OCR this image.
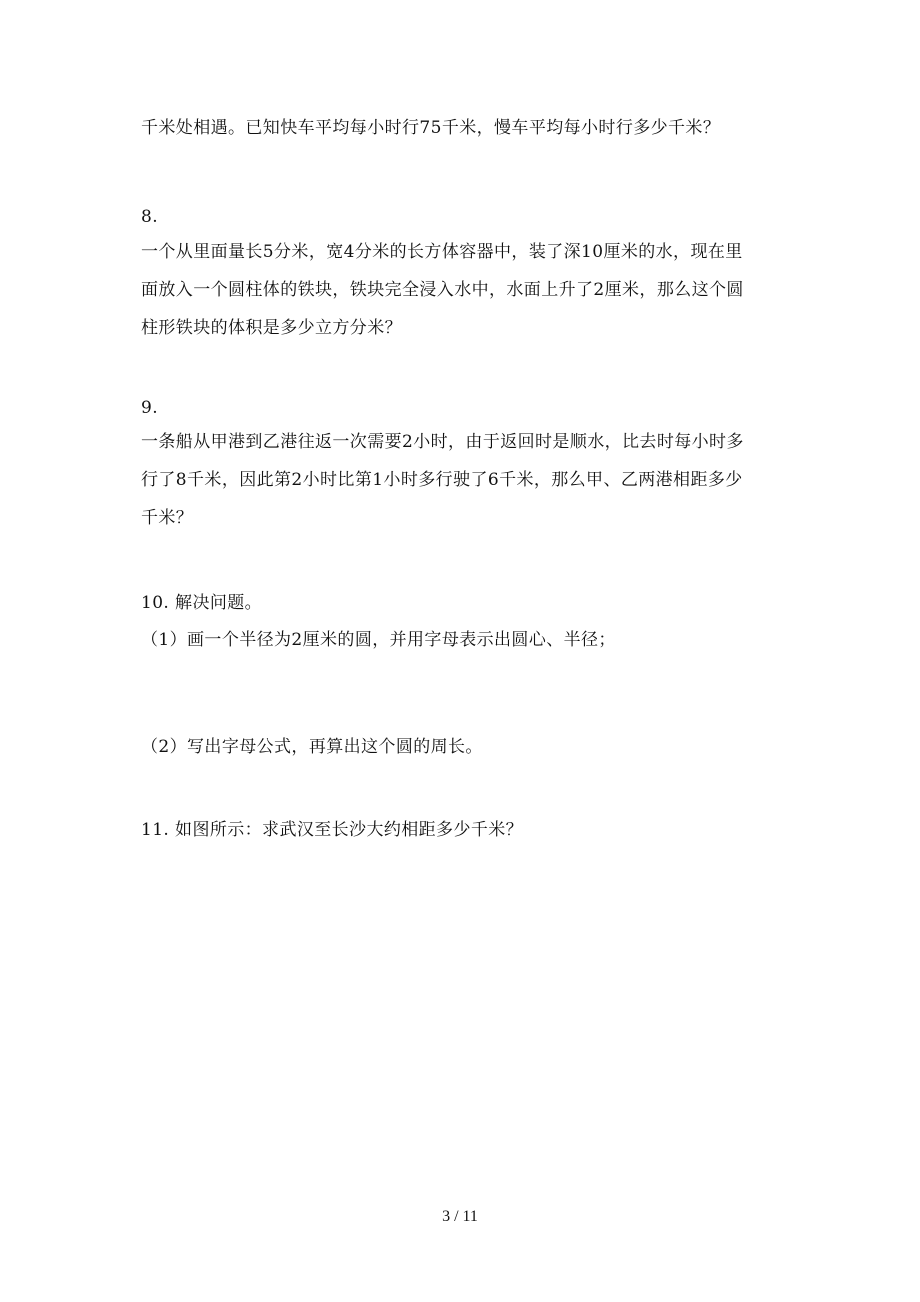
千米处相遇。已知快车平均每小时行75千米，慢车平均每小时行多少千米？
8.
一个从里面量长5分米，宽4分米的长方体容器中，装了深10厘米的水，现在里
面放入一个圆柱体的铁块，铁块完全浸入水中，水面上升了2厘米，那么这个圆
柱形铁块的体积是多少立方分米？
9.
一条船从甲港到乙港往返一次需要2小时，由于返回时是顺水，比去时每小时多
行了8千米，因此第2小时比第1小时多行驶了6千米，那么甲、乙两港相距多少
千米？
10. 解决问题。
（1）画一个半径为2厘米的圆，并用字母表示出圆心、半径；
（2）写出字母公式，再算出这个圆的周长。
11. 如图所示：求武汉至长沙大约相距多少千米？
3 / 11
